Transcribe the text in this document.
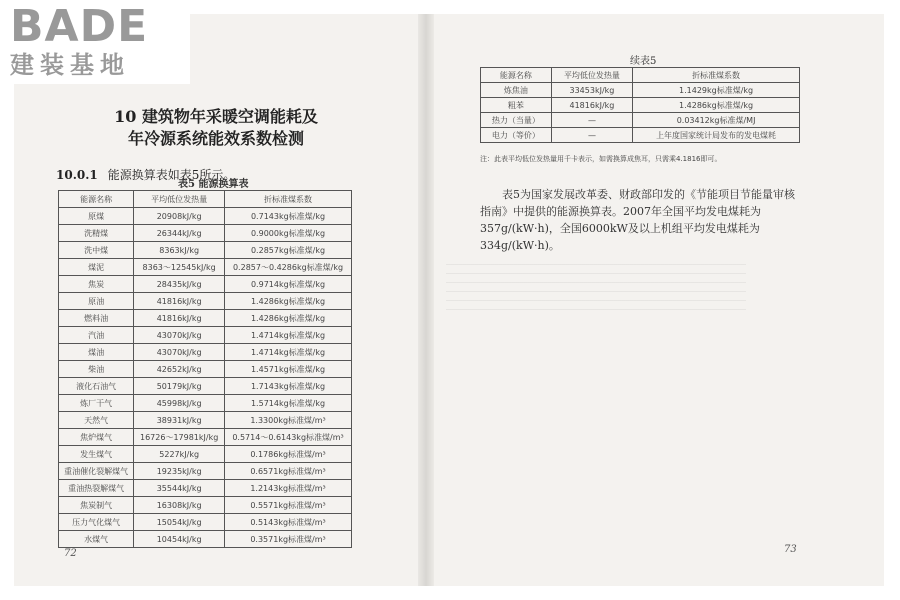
10 建筑物年采暖空调能耗及
年冷源系统能效系数检测
10.0.1 能源换算表如表5所示。
表5 能源换算表
能源名称	平均低位发热量	折标准煤系数
原煤	20908kJ/kg	0.7143kg标准煤/kg
洗精煤	26344kJ/kg	0.9000kg标准煤/kg
洗中煤	8363kJ/kg	0.2857kg标准煤/kg
煤泥	8363～12545kJ/kg	0.2857～0.4286kg标准煤/kg
焦炭	28435kJ/kg	0.9714kg标准煤/kg
原油	41816kJ/kg	1.4286kg标准煤/kg
燃料油	41816kJ/kg	1.4286kg标准煤/kg
汽油	43070kJ/kg	1.4714kg标准煤/kg
煤油	43070kJ/kg	1.4714kg标准煤/kg
柴油	42652kJ/kg	1.4571kg标准煤/kg
液化石油气	50179kJ/kg	1.7143kg标准煤/kg
炼厂干气	45998kJ/kg	1.5714kg标准煤/kg
天然气	38931kJ/kg	1.3300kg标准煤/m³
焦炉煤气	16726～17981kJ/kg	0.5714～0.6143kg标准煤/m³
发生煤气	5227kJ/kg	0.1786kg标准煤/m³
重油催化裂解煤气	19235kJ/kg	0.6571kg标准煤/m³
重油热裂解煤气	35544kJ/kg	1.2143kg标准煤/m³
焦炭制气	16308kJ/kg	0.5571kg标准煤/m³
压力气化煤气	15054kJ/kg	0.5143kg标准煤/m³
水煤气	10454kJ/kg	0.3571kg标准煤/m³
72
续表5
能源名称	平均低位发热量	折标准煤系数
炼焦油	33453kJ/kg	1.1429kg标准煤/kg
粗苯	41816kJ/kg	1.4286kg标准煤/kg
热力（当量）	—	0.03412kg标准煤/MJ
电力（等价）	—	上年度国家统计局发布的发电煤耗
注：此表平均低位发热量用千卡表示，如需换算成焦耳，只需乘4.1816即可。
表5为国家发展改革委、财政部印发的《节能项目节能量审核指南》中提供的能源换算表。2007年全国平均发电煤耗为357g/(kW·h)，全国6000kW及以上机组平均发电煤耗为334g/(kW·h)。
73
BADE
建装基地
